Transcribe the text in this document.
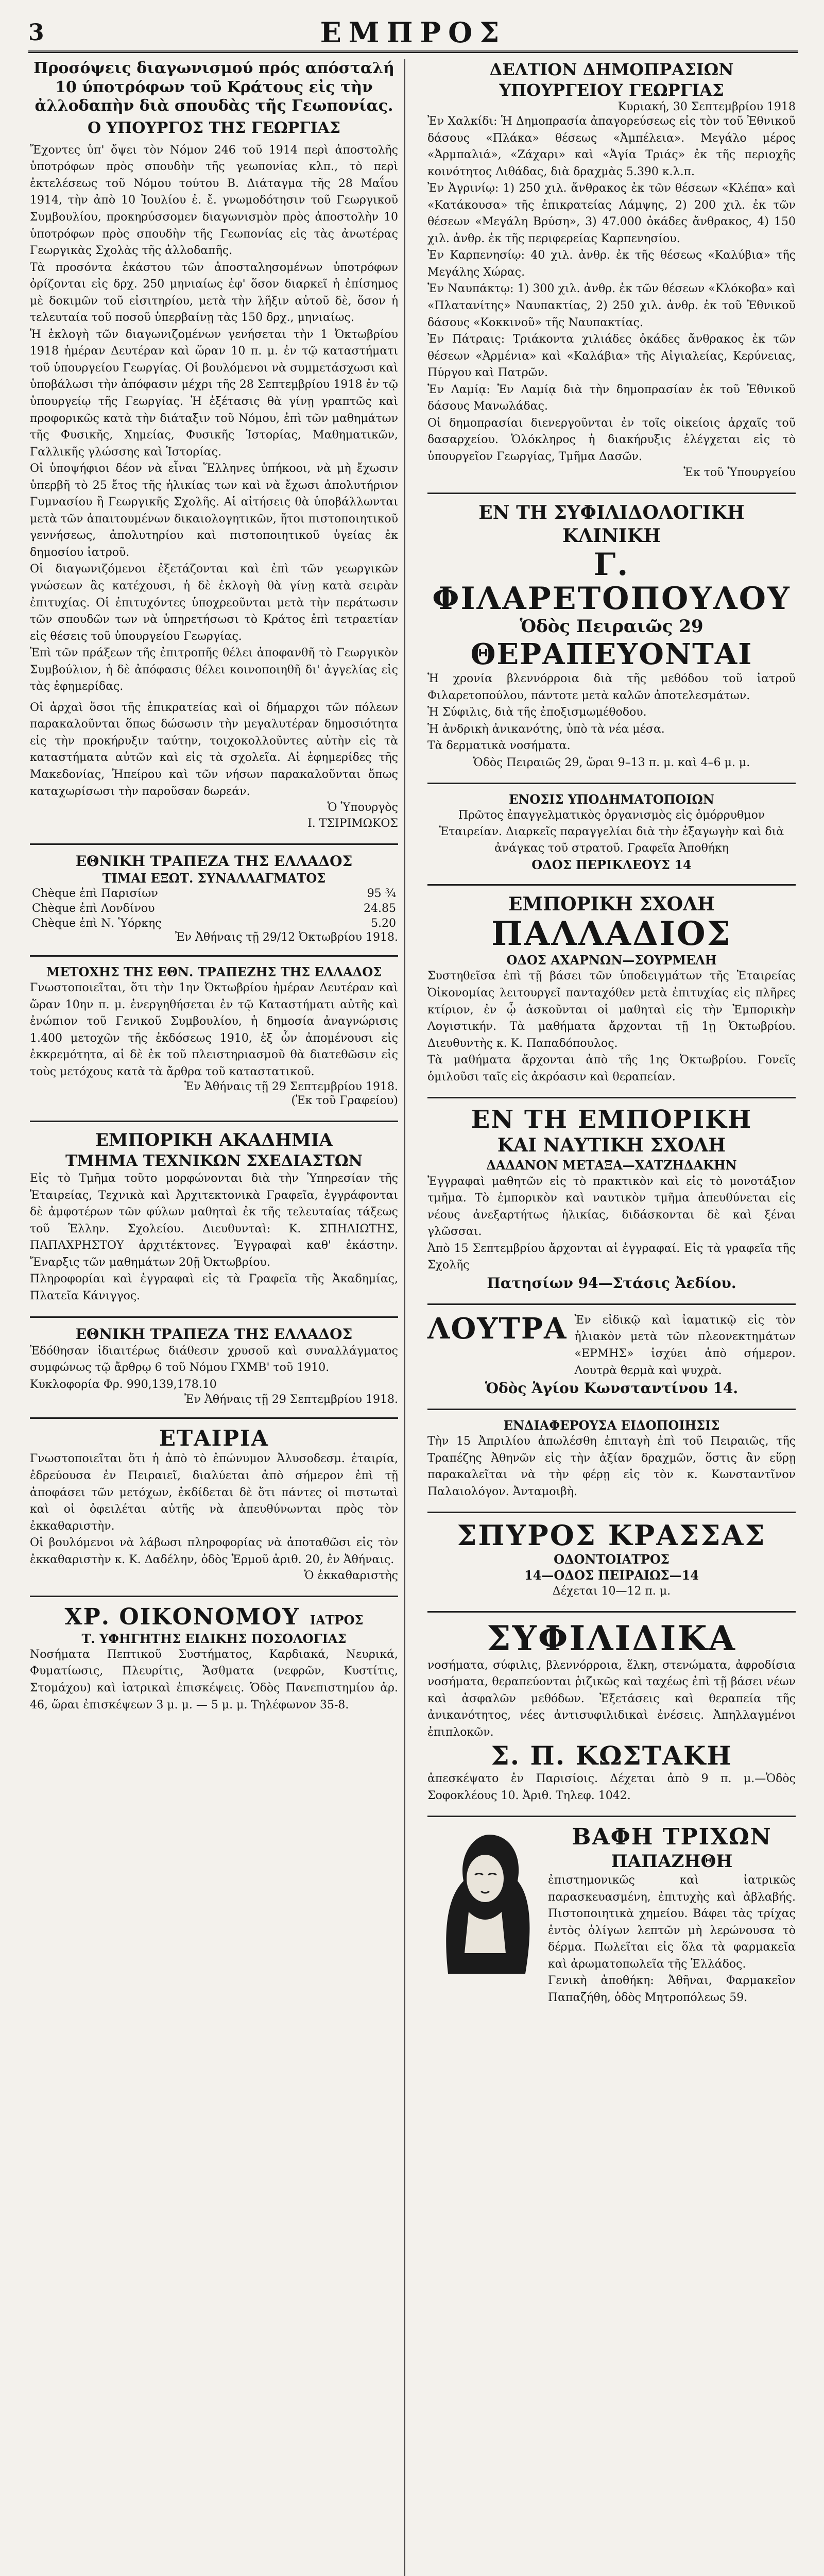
3	ΕΜΠΡΟΣ
Προσόψεις διαγωνισμού πρός απόσταλή 10 ύποτρόφων τοῦ Κράτους εἰς τὴν ἀλλοδαπὴν διὰ σπουδὰς τῆς Γεωπονίας.
Ο ΥΠΟΥΡΓΟΣ ΤΗΣ ΓΕΩΡΓΙΑΣ
Ἔχοντες ὑπ' ὄψει τὸν Νόμον 246 τοῦ 1914 περὶ ἀποστολῆς ὑποτρόφων πρὸς σπουδὴν τῆς γεωπονίας κλπ., τὸ περὶ ἐκτελέσεως τοῦ Νόμου τούτου Β. Διάταγμα τῆς 28 Μαΐου 1914, τὴν ἀπὸ 10 Ἰουλίου ἐ. ἔ. γνωμοδότησιν τοῦ Γεωργικοῦ Συμβουλίου, προκηρύσσομεν διαγωνισμὸν πρὸς ἀποστολὴν 10 ὑποτρόφων πρὸς σπουδὴν τῆς Γεωπονίας εἰς τὰς ἀνωτέρας Γεωργικὰς Σχολὰς τῆς ἀλλοδαπῆς.
Τὰ προσόντα ἑκάστου τῶν ἀποσταλησομένων ὑποτρόφων ὀρίζονται εἰς δρχ. 250 μηνιαίως ἐφ' ὅσον διαρκεῖ ἡ ἐπίσημος μὲ δοκιμῶν τοῦ εἰσιτηρίου, μετὰ τὴν λῆξιν αὐτοῦ δὲ, ὅσον ἡ τελευταία τοῦ ποσοῦ ὑπερβαίνῃ τὰς 150 δρχ., μηνιαίως.
Ἡ ἐκλογὴ τῶν διαγωνιζομένων γενήσεται τὴν 1 Ὀκτωβρίου 1918 ἡμέραν Δευτέραν καὶ ὥραν 10 π. μ. ἐν τῷ καταστήματι τοῦ ὑπουργείου Γεωργίας. Οἱ βουλόμενοι νὰ συμμετάσχωσι καὶ ὑποβάλωσι τὴν ἀπόφασιν μέχρι τῆς 28 Σεπτεμβρίου 1918 ἐν τῷ ὑπουργείῳ τῆς Γεωργίας. Ἡ ἐξέτασις θὰ γίνῃ γραπτῶς καὶ προφορικῶς κατὰ τὴν διάταξιν τοῦ Νόμου, ἐπὶ τῶν μαθημάτων τῆς Φυσικῆς, Χημείας, Φυσικῆς Ἱστορίας, Μαθηματικῶν, Γαλλικῆς γλώσσης καὶ Ἱστορίας.
Οἱ ὑποψήφιοι δέον νὰ εἶναι Ἕλληνες ὑπήκοοι, νὰ μὴ ἔχωσιν ὑπερβῆ τὸ 25 ἔτος τῆς ἡλικίας των καὶ νὰ ἔχωσι ἀπολυτήριον Γυμνασίου ἢ Γεωργικῆς Σχολῆς. Αἱ αἰτήσεις θὰ ὑποβάλλωνται μετὰ τῶν ἀπαιτουμένων δικαιολογητικῶν, ἤτοι πιστοποιητικοῦ γεννήσεως, ἀπολυτηρίου καὶ πιστοποιητικοῦ ὑγείας ἐκ δημοσίου ἰατροῦ.
Οἱ διαγωνιζόμενοι ἐξετάζονται καὶ ἐπὶ τῶν γεωργικῶν γνώσεων ἃς κατέχουσι, ἡ δὲ ἐκλογὴ θὰ γίνῃ κατὰ σειρὰν ἐπιτυχίας. Οἱ ἐπιτυχόντες ὑποχρεοῦνται μετὰ τὴν περάτωσιν τῶν σπουδῶν των νὰ ὑπηρετήσωσι τὸ Κράτος ἐπὶ τετραετίαν εἰς θέσεις τοῦ ὑπουργείου Γεωργίας.
Ἐπὶ τῶν πράξεων τῆς ἐπιτροπῆς θέλει ἀποφανθῆ τὸ Γεωργικὸν Συμβούλιον, ἡ δὲ ἀπόφασις θέλει κοινοποιηθῆ δι' ἀγγελίας εἰς τὰς ἐφημερίδας.
Οἱ ἀρχαὶ ὅσοι τῆς ἐπικρατείας καὶ οἱ δήμαρχοι τῶν πόλεων παρακαλοῦνται ὅπως δώσωσιν τὴν μεγαλυτέραν δημοσιότητα εἰς τὴν προκήρυξιν ταύτην, τοιχοκολλοῦντες αὐτὴν εἰς τὰ καταστήματα αὐτῶν καὶ εἰς τὰ σχολεῖα. Αἱ ἐφημερίδες τῆς Μακεδονίας, Ἠπείρου καὶ τῶν νήσων παρακαλοῦνται ὅπως καταχωρίσωσι τὴν παροῦσαν δωρεάν.
Ὁ Ὑπουργὸς
Ι. ΤΣΙΡΙΜΩΚΟΣ
ΕΘΝΙΚΗ ΤΡΑΠΕΖΑ ΤΗΣ ΕΛΛΑΔΟΣ
ΤΙΜΑΙ ΕΞΩΤ. ΣΥΝΑΛΛΑΓΜΑΤΟΣ
Chèque ἐπὶ Παρισίων	95 ¾
Chèque ἐπὶ Λονδίνου	24.85
Chèque ἐπὶ Ν. Ὑόρκης	5.20
Ἐν Ἀθήναις τῇ 29/12 Ὀκτωβρίου 1918.
ΜΕΤΟΧΗΣ ΤΗΣ ΕΘΝ. ΤΡΑΠΕΖΗΣ ΤΗΣ ΕΛΛΑΔΟΣ
Γνωστοποιεῖται, ὅτι τὴν 1ην Ὀκτωβρίου ἡμέραν Δευτέραν καὶ ὥραν 10ην π. μ. ἐνεργηθήσεται ἐν τῷ Καταστήματι αὐτῆς καὶ ἐνώπιον τοῦ Γενικοῦ Συμβουλίου, ἡ δημοσία ἀναγνώρισις 1.400 μετοχῶν τῆς ἐκδόσεως 1910, ἐξ ὧν ἀπομένουσι εἰς ἐκκρεμότητα, αἱ δὲ ἐκ τοῦ πλειστηριασμοῦ θὰ διατεθῶσιν εἰς τοὺς μετόχους κατὰ τὰ ἄρθρα τοῦ καταστατικοῦ.
Ἐν Ἀθήναις τῇ 29 Σεπτεμβρίου 1918.
(Ἐκ τοῦ Γραφείου)
ΕΜΠΟΡΙΚΗ ΑΚΑΔΗΜΙΑ
ΤΜΗΜΑ ΤΕΧΝΙΚΩΝ ΣΧΕΔΙΑΣΤΩΝ
Εἰς τὸ Τμῆμα τοῦτο μορφώνονται διὰ τὴν Ὑπηρεσίαν τῆς Ἑταιρείας, Τεχνικὰ καὶ Ἀρχιτεκτονικὰ Γραφεῖα, ἐγγράφονται δὲ ἀμφοτέρων τῶν φύλων μαθηταὶ ἐκ τῆς τελευταίας τάξεως τοῦ Ἑλλην. Σχολείου. Διευθυνταὶ: Κ. ΣΠΗΛΙΩΤΗΣ, ΠΑΠΑΧΡΗΣΤΟΥ ἀρχιτέκτονες. Ἐγγραφαὶ καθ' ἑκάστην. Ἔναρξις τῶν μαθημάτων 20ῇ Ὀκτωβρίου.
Πληροφορίαι καὶ ἐγγραφαὶ εἰς τὰ Γραφεῖα τῆς Ἀκαδημίας, Πλατεῖα Κάνιγγος.
ΕΘΝΙΚΗ ΤΡΑΠΕΖΑ ΤΗΣ ΕΛΛΑΔΟΣ
Ἐδόθησαν ἰδιαιτέρως διάθεσιν χρυσοῦ καὶ συναλλάγματος συμφώνως τῷ ἄρθρῳ 6 τοῦ Νόμου ΓΧΜΒ' τοῦ 1910.
Κυκλοφορία Φρ. 990,139,178.10
Ἐν Ἀθήναις τῇ 29 Σεπτεμβρίου 1918.
ΕΤΑΙΡΙΑ
Γνωστοποιεῖται ὅτι ἡ ἀπὸ τὸ ἐπώνυμον Ἀλυσοδεσμ. ἑταιρία, ἐδρεύουσα ἐν Πειραιεῖ, διαλύεται ἀπὸ σήμερον ἐπὶ τῇ ἀποφάσει τῶν μετόχων, ἐκδίδεται δὲ ὅτι πάντες οἱ πιστωταὶ καὶ οἱ ὀφειλέται αὐτῆς νὰ ἀπευθύνωνται πρὸς τὸν ἐκκαθαριστὴν.
Οἱ βουλόμενοι νὰ λάβωσι πληροφορίας νὰ ἀποταθῶσι εἰς τὸν ἐκκαθαριστὴν κ. Κ. Δαδέλην, ὁδὸς Ἑρμοῦ ἀριθ. 20, ἐν Ἀθήναις.
Ὁ ἐκκαθαριστὴς
ΧΡ. ΟΙΚΟΝΟΜΟΥ ΙΑΤΡΟΣ
Τ. ΥΦΗΓΗΤΗΣ ΕΙΔΙΚΗΣ ΠΟΣΟΛΟΓΙΑΣ
Νοσήματα Πεπτικοῦ Συστήματος, Καρδιακά, Νευρικά, Φυματίωσις, Πλευρίτις, Ἄσθματα (νεφρῶν, Κυστίτις, Στομάχου) καὶ ἰατρικαὶ ἐπισκέψεις. Ὁδὸς Πανεπιστημίου ἀρ. 46, ὥραι ἐπισκέψεων 3 μ. μ. — 5 μ. μ. Τηλέφωνον 35-8.
ΔΕΛΤΙΟΝ ΔΗΜΟΠΡΑΣΙΩΝ ΥΠΟΥΡΓΕΙΟΥ ΓΕΩΡΓΙΑΣ
Κυριακή, 30 Σεπτεμβρίου 1918
Ἐν Χαλκίδι: Ἡ Δημοπρασία ἀπαγορεύσεως εἰς τὸν τοῦ Ἐθνικοῦ δάσους «Πλάκα» θέσεως «Ἀμπέλεια». Μεγάλο μέρος «Ἀρμπαλιά», «Ζάχαρι» καὶ «Ἀγία Τριάς» ἐκ τῆς περιοχῆς κοινότητος Λιθάδας, διὰ δραχμὰς 5.390 κ.λ.π.
Ἐν Ἀγρινίῳ: 1) 250 χιλ. ἄνθρακος ἐκ τῶν θέσεων «Κλέπα» καὶ «Κατάκουσα» τῆς ἐπικρατείας Λάμψης, 2) 200 χιλ. ἐκ τῶν θέσεων «Μεγάλη Βρύση», 3) 47.000 ὀκάδες ἄνθρακος, 4) 150 χιλ. ἀνθρ. ἐκ τῆς περιφερείας Καρπενησίου.
Ἐν Καρπενησίῳ: 40 χιλ. ἀνθρ. ἐκ τῆς θέσεως «Καλύβια» τῆς Μεγάλης Χώρας.
Ἐν Ναυπάκτῳ: 1) 300 χιλ. ἀνθρ. ἐκ τῶν θέσεων «Κλόκοβα» καὶ «Πλατανίτης» Ναυπακτίας, 2) 250 χιλ. ἀνθρ. ἐκ τοῦ Ἐθνικοῦ δάσους «Κοκκινοῦ» τῆς Ναυπακτίας.
Ἐν Πάτραις: Τριάκοντα χιλιάδες ὀκάδες ἄνθρακος ἐκ τῶν θέσεων «Ἀρμένια» καὶ «Καλάβια» τῆς Αἰγιαλείας, Κερύνειας, Πύργου καὶ Πατρῶν.
Ἐν Λαμίᾳ: Ἐν Λαμίᾳ διὰ τὴν δημοπρασίαν ἐκ τοῦ Ἐθνικοῦ δάσους Μανωλάδας.
Οἱ δημοπρασίαι διενεργοῦνται ἐν τοῖς οἰκείοις ἀρχαῖς τοῦ δασαρχείου. Ὁλόκληρος ἡ διακήρυξις ἐλέγχεται εἰς τὸ ὑπουργεῖον Γεωργίας, Τμῆμα Δασῶν.
Ἐκ τοῦ Ὑπουργείου
ΕΝ ΤΗ ΣΥΦΙΛΙΔΟΛΟΓΙΚΗ ΚΛΙΝΙΚΗ
Γ. ΦΙΛΑΡΕΤΟΠΟΥΛΟΥ
Ὁδὸς Πειραιῶς 29
ΘΕΡΑΠΕΥΟΝΤΑΙ
Ἡ χρονία βλεννόρροια διὰ τῆς μεθόδου τοῦ ἰατροῦ Φιλαρετοπούλου, πάντοτε μετὰ καλῶν ἀποτελεσμάτων.
Ἡ Σύφιλις, διὰ τῆς ἐποξισμωμέθοδου.
Ἡ ἀνδρικὴ ἀνικανότης, ὑπὸ τὰ νέα μέσα.
Τὰ δερματικὰ νοσήματα.
Ὁδὸς Πειραιῶς 29, ὥραι 9–13 π. μ. καὶ 4–6 μ. μ.
ΕΝΟΣΙΣ ΥΠΟΔΗΜΑΤΟΠΟΙΩΝ
Πρῶτος ἐπαγγελματικὸς ὀργανισμὸς εἰς ὁμόρρυθμον Ἑταιρείαν. Διαρκεῖς παραγγελίαι διὰ τὴν ἐξαγωγὴν καὶ διὰ ἀνάγκας τοῦ στρατοῦ. Γραφεῖα Ἀποθήκη
ΟΔΟΣ ΠΕΡΙΚΛΕΟΥΣ 14
ΕΜΠΟΡΙΚΗ ΣΧΟΛΗ
ΠΑΛΛΑΔΙΟΣ
ΟΔΟΣ ΑΧΑΡΝΩΝ—ΣΟΥΡΜΕΛΗ
Συστηθεῖσα ἐπὶ τῇ βάσει τῶν ὑποδειγμάτων τῆς Ἑταιρείας Ὀἰκονομίας λειτουργεῖ πανταχόθεν μετὰ ἐπιτυχίας εἰς πλῆρες κτίριον, ἐν ᾧ ἀσκοῦνται οἱ μαθηταὶ εἰς τὴν Ἐμπορικὴν Λογιστικήν. Τὰ μαθήματα ἄρχονται τῇ 1ῃ Ὀκτωβρίου. Διευθυντὴς κ. Κ. Παπαδόπουλος.
Τὰ μαθήματα ἄρχονται ἀπὸ τῆς 1ης Ὀκτωβρίου. Γονεῖς ὁμιλοῦσι ταῖς εἰς ἀκρόασιν καὶ θεραπείαν.
ΕΝ ΤΗ ΕΜΠΟΡΙΚΗ
ΚΑΙ ΝΑΥΤΙΚΗ ΣΧΟΛΗ
ΔΑΔΑΝΟΝ ΜΕΤΑΞΑ—ΧΑΤΖΗΔΑΚΗΝ
Ἐγγραφαὶ μαθητῶν εἰς τὸ πρακτικὸν καὶ εἰς τὸ μονοτάξιον τμῆμα. Τὸ ἐμπορικὸν καὶ ναυτικὸν τμῆμα ἀπευθύνεται εἰς νέους ἀνεξαρτήτως ἡλικίας, διδάσκονται δὲ καὶ ξέναι γλῶσσαι.
Ἀπὸ 15 Σεπτεμβρίου ἄρχονται αἱ ἐγγραφαί. Εἰς τὰ γραφεῖα τῆς Σχολῆς
Πατησίων 94—Στάσις Ἀεδίου.
ΛΟΥΤΡΑ Ἐν εἰδικῷ καὶ ἰαματικῷ εἰς τὸν ἡλιακὸν μετὰ τῶν πλεονεκτημάτων «ΕΡΜΗΣ» ἰσχύει ἀπὸ σήμερον. Λουτρὰ θερμὰ καὶ ψυχρὰ.
Ὁδὸς Ἁγίου Κωνσταντίνου 14.
ΕΝΔΙΑΦΕΡΟΥΣΑ ΕΙΔΟΠΟΙΗΣΙΣ
Τὴν 15 Ἀπριλίου ἀπωλέσθη ἐπιταγὴ ἐπὶ τοῦ Πειραιῶς, τῆς Τραπέζης Ἀθηνῶν εἰς τὴν ἀξίαν δραχμῶν, ὅστις ἂν εὕρῃ παρακαλεῖται νὰ τὴν φέρῃ εἰς τὸν κ. Κωνσταντῖνον Παλαιολόγον. Ἀνταμοιβὴ.
ΣΠΥΡΟΣ ΚΡΑΣΣΑΣ
ΟΔΟΝΤΟΙΑΤΡΟΣ
14—ΟΔΟΣ ΠΕΙΡΑΙΩΣ—14
Δέχεται 10—12 π. μ.
ΣΥΦΙΛΙΔΙΚΑ
νοσήματα, σύφιλις, βλεννόρροια, ἕλκη, στενώματα, ἀφροδίσια νοσήματα, θεραπεύονται ῥιζικῶς καὶ ταχέως ἐπὶ τῇ βάσει νέων καὶ ἀσφαλῶν μεθόδων. Ἐξετάσεις καὶ θεραπεία τῆς ἀνικανότητος, νέες ἀντισυφιλιδικαὶ ἐνέσεις. Ἀπηλλαγμένοι ἐπιπλοκῶν.
Σ. Π. ΚΩΣΤΑΚΗ
ἀπεσκέψατο ἐν Παρισίοις. Δέχεται ἀπὸ 9 π. μ.—Ὁδὸς Σοφοκλέους 10. Ἀριθ. Τηλεφ. 1042.
ΒΑΦΗ ΤΡΙΧΩΝ
ΠΑΠΑΖΗΘΗ
ἐπιστημονικῶς καὶ ἰατρικῶς παρασκευασμένη, ἐπιτυχὴς καὶ ἀβλαβής. Πιστοποιητικὰ χημείου. Βάφει τὰς τρίχας ἐντὸς ὀλίγων λεπτῶν μὴ λερώνουσα τὸ δέρμα. Πωλεῖται εἰς ὅλα τὰ φαρμακεῖα καὶ ἀρωματοπωλεῖα τῆς Ἑλλάδος.
Γενικὴ ἀποθήκη: Ἀθῆναι, Φαρμακεῖον Παπαζήθη, ὁδὸς Μητροπόλεως 59.
